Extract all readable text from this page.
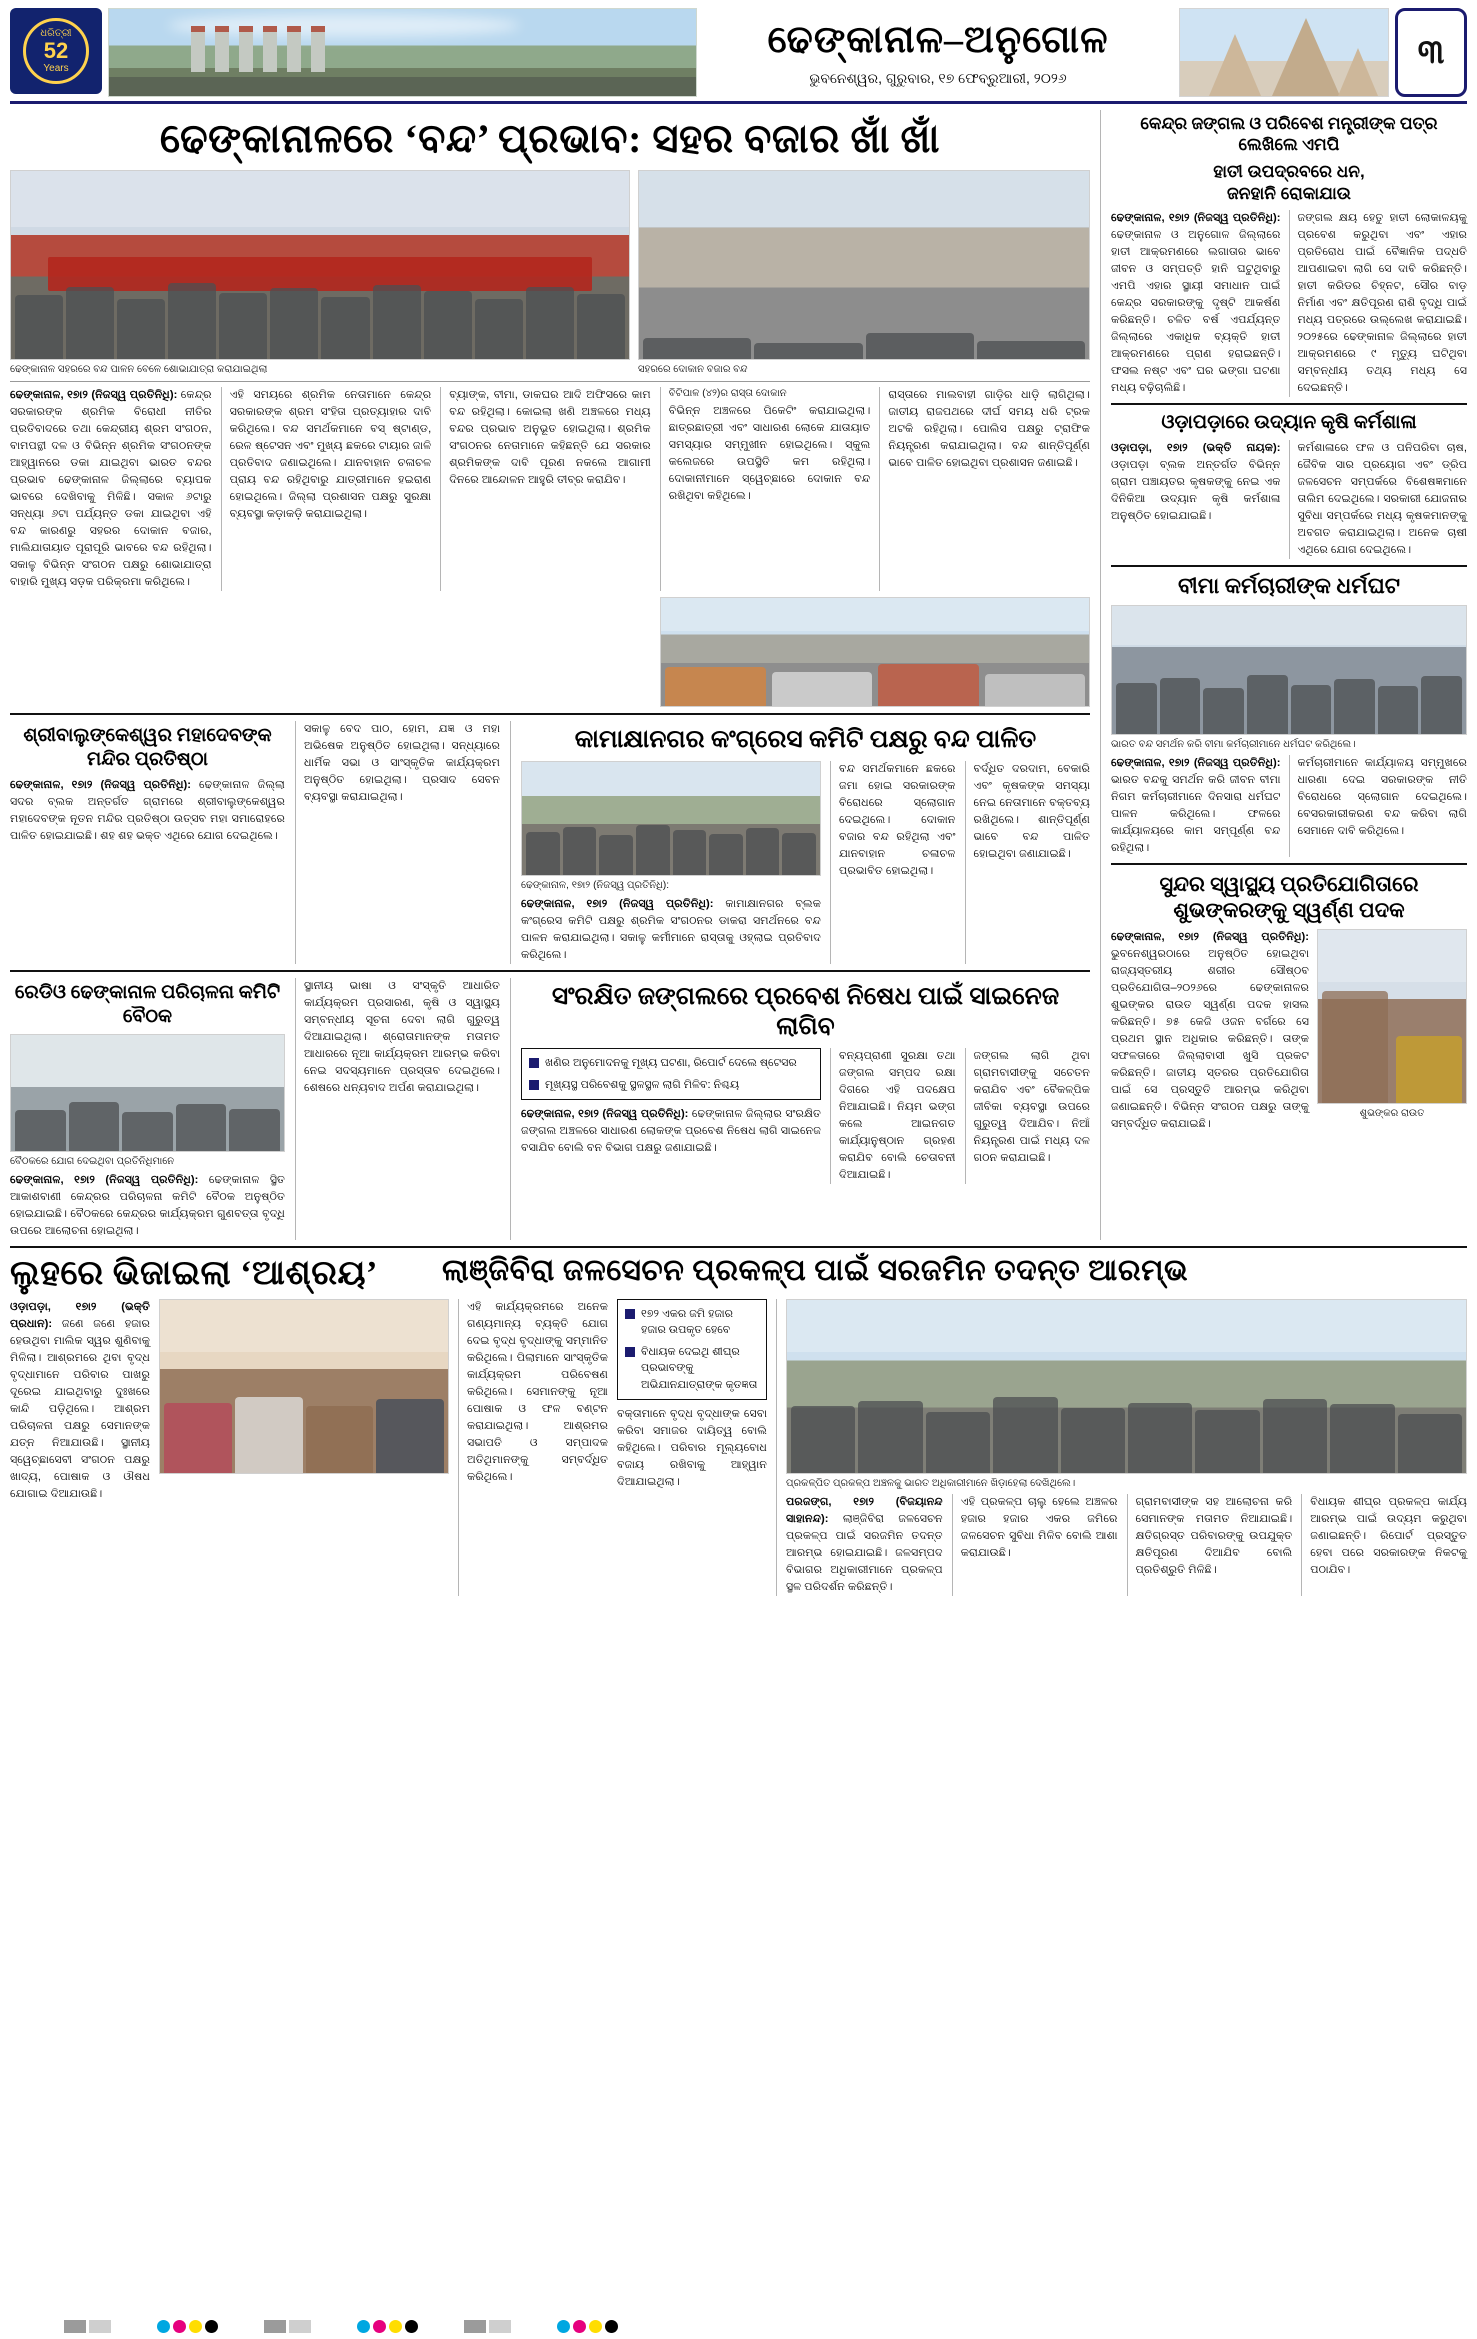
ଧରିତ୍ରୀ
52
Years
ଢେଙ୍କାନାଳ–ଅନୁଗୋଳ
ଭୁବନେଶ୍ୱର, ଗୁରୁବାର, ୧୭ ଫେବ୍ରୁଆରୀ, ୨୦୨୬
୩
ଢେଙ୍କାନାଳରେ ‘ବନ୍ଦ’ ପ୍ରଭାବ: ସହର ବଜାର ଖାଁ ଖାଁ
ଢେଙ୍କାନାଳ ସହରରେ ବନ୍ଦ ପାଳନ ବେଳେ ଶୋଭାଯାତ୍ରା କରାଯାଇଥିଲା	ସହରରେ ଦୋକାନ ବଜାର ବନ୍ଦ
ଢେଙ୍କାନାଳ, ୧୭ା୨ (ନିଜସ୍ୱ ପ୍ରତିନିଧି): କେନ୍ଦ୍ର ସରକାରଙ୍କ ଶ୍ରମିକ ବିରୋଧୀ ନୀତିର ପ୍ରତିବାଦରେ ତଥା କେନ୍ଦ୍ରୀୟ ଶ୍ରମ ସଂଗଠନ, ବାମପନ୍ଥୀ ଦଳ ଓ ବିଭିନ୍ନ ଶ୍ରମିକ ସଂଗଠନଙ୍କ ଆହ୍ୱାନରେ ଡକା ଯାଇଥିବା ଭାରତ ବନ୍ଦର ପ୍ରଭାବ ଢେଙ୍କାନାଳ ଜିଲ୍ଲାରେ ବ୍ୟାପକ ଭାବରେ ଦେଖିବାକୁ ମିଳିଛି। ସକାଳ ୬ଟାରୁ ସନ୍ଧ୍ୟା ୬ଟା ପର୍ଯ୍ୟନ୍ତ ଡକା ଯାଇଥିବା ଏହି ବନ୍ଦ କାରଣରୁ ସହରର ଦୋକାନ ବଜାର, ମାଲିଯାତାୟାତ ପୂରାପୂରି ଭାବରେ ବନ୍ଦ ରହିଥିଲା। ସକାଳୁ ବିଭିନ୍ନ ସଂଗଠନ ପକ୍ଷରୁ ଶୋଭାଯାତ୍ରା ବାହାରି ମୁଖ୍ୟ ସଡ଼କ ପରିକ୍ରମା କରିଥିଲେ।
ଏହି ସମୟରେ ଶ୍ରମିକ ନେତାମାନେ କେନ୍ଦ୍ର ସରକାରଙ୍କ ଶ୍ରମ ସଂହିତା ପ୍ରତ୍ୟାହାର ଦାବି କରିଥିଲେ। ବନ୍ଦ ସମର୍ଥକମାନେ ବସ୍ ଷ୍ଟାଣ୍ଡ, ରେଳ ଷ୍ଟେସନ ଏବଂ ମୁଖ୍ୟ ଛକରେ ଟାୟାର ଜାଳି ପ୍ରତିବାଦ ଜଣାଇଥିଲେ। ଯାନବାହାନ ଚଳାଚଳ ପ୍ରାୟ ବନ୍ଦ ରହିଥିବାରୁ ଯାତ୍ରୀମାନେ ହଇରାଣ ହୋଇଥିଲେ। ଜିଲ୍ଲା ପ୍ରଶାସନ ପକ୍ଷରୁ ସୁରକ୍ଷା ବ୍ୟବସ୍ଥା କଡ଼ାକଡ଼ି କରାଯାଇଥିଲା।
ବ୍ୟାଙ୍କ, ବୀମା, ଡାକଘର ଆଦି ଅଫିସରେ କାମ ବନ୍ଦ ରହିଥିଲା। କୋଇଲା ଖଣି ଅଞ୍ଚଳରେ ମଧ୍ୟ ବନ୍ଦର ପ୍ରଭାବ ଅନୁଭୂତ ହୋଇଥିଲା। ଶ୍ରମିକ ସଂଗଠନର ନେତାମାନେ କହିଛନ୍ତି ଯେ ସରକାର ଶ୍ରମିକଙ୍କ ଦାବି ପୂରଣ ନକଲେ ଆଗାମୀ ଦିନରେ ଆନ୍ଦୋଳନ ଆହୁରି ତୀବ୍ର କରାଯିବ।
ବିଟିପାଳ (୪୨)ର ରାସ୍ତା ଦୋକାନ
ବିଭିନ୍ନ ଅଞ୍ଚଳରେ ପିକେଟିଂ କରାଯାଇଥିଲା। ଛାତ୍ରଛାତ୍ରୀ ଏବଂ ସାଧାରଣ ଲୋକେ ଯାତାୟାତ ସମସ୍ୟାର ସମ୍ମୁଖୀନ ହୋଇଥିଲେ। ସ୍କୁଲ କଲେଜରେ ଉପସ୍ଥିତି କମ ରହିଥିଲା। ଦୋକାନୀମାନେ ସ୍ୱେଚ୍ଛାରେ ଦୋକାନ ବନ୍ଦ ରଖିଥିବା କହିଥିଲେ।
ରାସ୍ତାରେ ମାଲବାହୀ ଗାଡ଼ିର ଧାଡ଼ି ଲାଗିଥିଲା। ଜାତୀୟ ରାଜପଥରେ ଦୀର୍ଘ ସମୟ ଧରି ଟ୍ରକ ଅଟକି ରହିଥିଲା। ପୋଲିସ ପକ୍ଷରୁ ଟ୍ରାଫିକ ନିୟନ୍ତ୍ରଣ କରାଯାଇଥିଲା। ବନ୍ଦ ଶାନ୍ତିପୂର୍ଣ୍ଣ ଭାବେ ପାଳିତ ହୋଇଥିବା ପ୍ରଶାସନ ଜଣାଇଛି।
ଶ୍ରୀବାଲୁଙ୍କେଶ୍ୱର ମହାଦେବଙ୍କ ମନ୍ଦିର ପ୍ରତିଷ୍ଠା
ଢେଙ୍କାନାଳ, ୧୭ା୨ (ନିଜସ୍ୱ ପ୍ରତିନିଧି): ଢେଙ୍କାନାଳ ଜିଲ୍ଲା ସଦର ବ୍ଲକ ଅନ୍ତର୍ଗତ ଗ୍ରାମରେ ଶ୍ରୀବାଲୁଙ୍କେଶ୍ୱର ମହାଦେବଙ୍କ ନୂତନ ମନ୍ଦିର ପ୍ରତିଷ୍ଠା ଉତ୍ସବ ମହା ସମାରୋହରେ ପାଳିତ ହୋଇଯାଇଛି। ଶହ ଶହ ଭକ୍ତ ଏଥିରେ ଯୋଗ ଦେଇଥିଲେ।
ସକାଳୁ ବେଦ ପାଠ, ହୋମ, ଯଜ୍ଞ ଓ ମହା ଅଭିଷେକ ଅନୁଷ୍ଠିତ ହୋଇଥିଲା। ସନ୍ଧ୍ୟାରେ ଧାର୍ମିକ ସଭା ଓ ସାଂସ୍କୃତିକ କାର୍ଯ୍ୟକ୍ରମ ଅନୁଷ୍ଠିତ ହୋଇଥିଲା। ପ୍ରସାଦ ସେବନ ବ୍ୟବସ୍ଥା କରାଯାଇଥିଲା।
କାମାକ୍ଷାନଗର କଂଗ୍ରେସ କମିଟି ପକ୍ଷରୁ ବନ୍ଦ ପାଳିତ
ଢେଙ୍କାନାଳ, ୧୭ା୨ (ନିଜସ୍ୱ ପ୍ରତିନିଧି):
ଢେଙ୍କାନାଳ, ୧୭ା୨ (ନିଜସ୍ୱ ପ୍ରତିନିଧି): କାମାକ୍ଷାନଗର ବ୍ଲକ କଂଗ୍ରେସ କମିଟି ପକ୍ଷରୁ ଶ୍ରମିକ ସଂଗଠନର ଡାକରା ସମର୍ଥନରେ ବନ୍ଦ ପାଳନ କରାଯାଇଥିଲା। ସକାଳୁ କର୍ମୀମାନେ ରାସ୍ତାକୁ ଓହ୍ଲାଇ ପ୍ରତିବାଦ କରିଥିଲେ।
ବନ୍ଦ ସମର୍ଥକମାନେ ଛକରେ ଜମା ହୋଇ ସରକାରଙ୍କ ବିରୋଧରେ ସ୍ଲୋଗାନ ଦେଇଥିଲେ। ଦୋକାନ ବଜାର ବନ୍ଦ ରହିଥିଲା ଏବଂ ଯାନବାହାନ ଚଳାଚଳ ପ୍ରଭାବିତ ହୋଇଥିଲା।
ବର୍ଦ୍ଧିତ ଦରଦାମ, ବେକାରି ଏବଂ କୃଷକଙ୍କ ସମସ୍ୟା ନେଇ ନେତାମାନେ ବକ୍ତବ୍ୟ ରଖିଥିଲେ। ଶାନ୍ତିପୂର୍ଣ୍ଣ ଭାବେ ବନ୍ଦ ପାଳିତ ହୋଇଥିବା ଜଣାଯାଇଛି।
ରେଡିଓ ଢେଙ୍କାନାଳ ପରିଚାଳନା କମିଟି ବୈଠକ
ବୈଠକରେ ଯୋଗ ଦେଇଥିବା ପ୍ରତିନିଧିମାନେ
ଢେଙ୍କାନାଳ, ୧୭ା୨ (ନିଜସ୍ୱ ପ୍ରତିନିଧି): ଢେଙ୍କାନାଳ ସ୍ଥିତ ଆକାଶବାଣୀ କେନ୍ଦ୍ରର ପରିଚାଳନା କମିଟି ବୈଠକ ଅନୁଷ୍ଠିତ ହୋଇଯାଇଛି। ବୈଠକରେ କେନ୍ଦ୍ରର କାର୍ଯ୍ୟକ୍ରମ ଗୁଣବତ୍ତା ବୃଦ୍ଧି ଉପରେ ଆଲୋଚନା ହୋଇଥିଲା।
ସ୍ଥାନୀୟ ଭାଷା ଓ ସଂସ୍କୃତି ଆଧାରିତ କାର୍ଯ୍ୟକ୍ରମ ପ୍ରସାରଣ, କୃଷି ଓ ସ୍ୱାସ୍ଥ୍ୟ ସମ୍ବନ୍ଧୀୟ ସୂଚନା ଦେବା ଲାଗି ଗୁରୁତ୍ୱ ଦିଆଯାଇଥିଲା। ଶ୍ରୋତାମାନଙ୍କ ମତାମତ ଆଧାରରେ ନୂଆ କାର୍ଯ୍ୟକ୍ରମ ଆରମ୍ଭ କରିବା ନେଇ ସଦସ୍ୟମାନେ ପ୍ରସ୍ତାବ ଦେଇଥିଲେ। ଶେଷରେ ଧନ୍ୟବାଦ ଅର୍ପଣ କରାଯାଇଥିଲା।
ସଂରକ୍ଷିତ ଜଙ୍ଗଲରେ ପ୍ରବେଶ ନିଷେଧ ପାଇଁ ସାଇନେଜ ଲାଗିବ
ଖଣିର ଅନୁମୋଦନକୁ ମୂଖ୍ୟ ଘଟଣା, ରିପୋର୍ଟ ଦେଲେ ଷ୍ଟେସର
ମୂଖ୍ୟସ୍ଥ ପରିବେଶକୁ ସ୍ଥଳସ୍ଥଳ ଲାଗି ମିଳିବ: ନିଶ୍ଚୟ
ଢେଙ୍କାନାଳ, ୧୭ା୨ (ନିଜସ୍ୱ ପ୍ରତିନିଧି): ଢେଙ୍କାନାଳ ଜିଲ୍ଲାର ସଂରକ୍ଷିତ ଜଙ୍ଗଲ ଅଞ୍ଚଳରେ ସାଧାରଣ ଲୋକଙ୍କ ପ୍ରବେଶ ନିଷେଧ ଲାଗି ସାଇନେଜ ବସାଯିବ ବୋଲି ବନ ବିଭାଗ ପକ୍ଷରୁ ଜଣାଯାଇଛି।
ବନ୍ୟପ୍ରାଣୀ ସୁରକ୍ଷା ତଥା ଜଙ୍ଗଲ ସମ୍ପଦ ରକ୍ଷା ଦିଗରେ ଏହି ପଦକ୍ଷେପ ନିଆଯାଇଛି। ନିୟମ ଭଙ୍ଗ କଲେ ଆଇନଗତ କାର୍ଯ୍ୟାନୁଷ୍ଠାନ ଗ୍ରହଣ କରାଯିବ ବୋଲି ଚେତାବନୀ ଦିଆଯାଇଛି।
ଜଙ୍ଗଲ ଲାଗି ଥିବା ଗ୍ରାମବାସୀଙ୍କୁ ସଚେତନ କରାଯିବ ଏବଂ ବୈକଳ୍ପିକ ଜୀବିକା ବ୍ୟବସ୍ଥା ଉପରେ ଗୁରୁତ୍ୱ ଦିଆଯିବ। ନିଆଁ ନିୟନ୍ତ୍ରଣ ପାଇଁ ମଧ୍ୟ ଦଳ ଗଠନ କରାଯାଇଛି।
କେନ୍ଦ୍ର ଜଙ୍ଗଲ ଓ ପରିବେଶ ମନ୍ତ୍ରୀଙ୍କ ପତ୍ର ଲେଖିଲେ ଏମପି
ହାତୀ ଉପଦ୍ରବରେ ଧନ,
ଜନହାନି ରୋକାଯାଉ
ଢେଙ୍କାନାଳ, ୧୭ା୨ (ନିଜସ୍ୱ ପ୍ରତିନିଧି): ଢେଙ୍କାନାଳ ଓ ଅନୁଗୋଳ ଜିଲ୍ଲାରେ ହାତୀ ଆକ୍ରମଣରେ ଲଗାତାର ଭାବେ ଜୀବନ ଓ ସମ୍ପତ୍ତି ହାନି ଘଟୁଥିବାରୁ ଏମପି ଏହାର ସ୍ଥାୟୀ ସମାଧାନ ପାଇଁ କେନ୍ଦ୍ର ସରକାରଙ୍କୁ ଦୃଷ୍ଟି ଆକର୍ଷଣ କରିଛନ୍ତି। ଚଳିତ ବର୍ଷ ଏପର୍ଯ୍ୟନ୍ତ ଜିଲ୍ଲାରେ ଏକାଧିକ ବ୍ୟକ୍ତି ହାତୀ ଆକ୍ରମଣରେ ପ୍ରାଣ ହରାଇଛନ୍ତି। ଫସଲ ନଷ୍ଟ ଏବଂ ଘର ଭଙ୍ଗା ଘଟଣା ମଧ୍ୟ ବଢ଼ିଚାଲିଛି।
ଜଙ୍ଗଲ କ୍ଷୟ ହେତୁ ହାତୀ ଲୋକାଳୟକୁ ପ୍ରବେଶ କରୁଥିବା ଏବଂ ଏହାର ପ୍ରତିରୋଧ ପାଇଁ ବୈଜ୍ଞାନିକ ପଦ୍ଧତି ଆପଣାଇବା ଲାଗି ସେ ଦାବି କରିଛନ୍ତି। ହାତୀ କରିଡର ଚିହ୍ନଟ, ସୌର ବାଡ଼ ନିର୍ମାଣ ଏବଂ କ୍ଷତିପୂରଣ ରାଶି ବୃଦ୍ଧି ପାଇଁ ମଧ୍ୟ ପତ୍ରରେ ଉଲ୍ଲେଖ କରାଯାଇଛି। ୨୦୨୫ରେ ଢେଙ୍କାନାଳ ଜିଲ୍ଲାରେ ହାତୀ ଆକ୍ରମଣରେ ୯ ମୃତ୍ୟୁ ଘଟିଥିବା ସମ୍ବନ୍ଧୀୟ ତଥ୍ୟ ମଧ୍ୟ ସେ ଦେଇଛନ୍ତି।
ଓଡ଼ାପଡ଼ାରେ ଉଦ୍ୟାନ କୃଷି କର୍ମଶାଳା
ଓଡ଼ାପଡ଼ା, ୧୭ା୨ (ଭକ୍ତି ନାୟକ): ଓଡ଼ାପଡ଼ା ବ୍ଲକ ଅନ୍ତର୍ଗତ ବିଭିନ୍ନ ଗ୍ରାମ ପଞ୍ଚାୟତର କୃଷକଙ୍କୁ ନେଇ ଏକ ଦିନିକିଆ ଉଦ୍ୟାନ କୃଷି କର୍ମଶାଳା ଅନୁଷ୍ଠିତ ହୋଇଯାଇଛି।
କର୍ମଶାଳାରେ ଫଳ ଓ ପନିପରିବା ଚାଷ, ଜୈବିକ ସାର ପ୍ରୟୋଗ ଏବଂ ଡ୍ରିପ ଜଳସେଚନ ସମ୍ପର୍କରେ ବିଶେଷଜ୍ଞମାନେ ତାଲିମ ଦେଇଥିଲେ। ସରକାରୀ ଯୋଜନାର ସୁବିଧା ସମ୍ପର୍କରେ ମଧ୍ୟ କୃଷକମାନଙ୍କୁ ଅବଗତ କରାଯାଇଥିଲା। ଅନେକ ଚାଷୀ ଏଥିରେ ଯୋଗ ଦେଇଥିଲେ।
ବୀମା କର୍ମଚାରୀଙ୍କ ଧର୍ମଘଟ
ଭାରତ ବନ୍ଦ ସମର୍ଥନ କରି ବୀମା କର୍ମଚାରୀମାନେ ଧର୍ମଘଟ କରିଥିଲେ।
ଢେଙ୍କାନାଳ, ୧୭ା୨ (ନିଜସ୍ୱ ପ୍ରତିନିଧି): ଭାରତ ବନ୍ଦକୁ ସମର୍ଥନ କରି ଜୀବନ ବୀମା ନିଗମ କର୍ମଚାରୀମାନେ ଦିନସାରା ଧର୍ମଘଟ ପାଳନ କରିଥିଲେ। ଫଳରେ କାର୍ଯ୍ୟାଳୟରେ କାମ ସମ୍ପୂର୍ଣ୍ଣ ବନ୍ଦ ରହିଥିଲା।
କର୍ମଚାରୀମାନେ କାର୍ଯ୍ୟାଳୟ ସମ୍ମୁଖରେ ଧାରଣା ଦେଇ ସରକାରଙ୍କ ନୀତି ବିରୋଧରେ ସ୍ଲୋଗାନ ଦେଇଥିଲେ। ବେସରକାରୀକରଣ ବନ୍ଦ କରିବା ଲାଗି ସେମାନେ ଦାବି କରିଥିଲେ।
ସୁନ୍ଦର ସ୍ୱାସ୍ଥ୍ୟ ପ୍ରତିଯୋଗିତାରେ
ଶୁଭଙ୍କରଙ୍କୁ ସ୍ୱର୍ଣ୍ଣ ପଦକ
ଢେଙ୍କାନାଳ, ୧୭ା୨ (ନିଜସ୍ୱ ପ୍ରତିନିଧି): ଭୁବନେଶ୍ୱରଠାରେ ଅନୁଷ୍ଠିତ ହୋଇଥିବା ରାଜ୍ୟସ୍ତରୀୟ ଶରୀର ସୌଷ୍ଠବ ପ୍ରତିଯୋଗିତା–୨୦୨୬ରେ ଢେଙ୍କାନାଳର ଶୁଭଙ୍କର ରାଉତ ସ୍ୱର୍ଣ୍ଣ ପଦକ ହାସଲ କରିଛନ୍ତି। ୭୫ କେଜି ଓଜନ ବର୍ଗରେ ସେ ପ୍ରଥମ ସ୍ଥାନ ଅଧିକାର କରିଛନ୍ତି। ତାଙ୍କ ସଫଳତାରେ ଜିଲ୍ଲାବାସୀ ଖୁସି ପ୍ରକଟ କରିଛନ୍ତି। ଜାତୀୟ ସ୍ତରର ପ୍ରତିଯୋଗିତା ପାଇଁ ସେ ପ୍ରସ୍ତୁତି ଆରମ୍ଭ କରିଥିବା ଜଣାଇଛନ୍ତି। ବିଭିନ୍ନ ସଂଗଠନ ପକ୍ଷରୁ ତାଙ୍କୁ ସମ୍ବର୍ଦ୍ଧିତ କରାଯାଇଛି।
ଶୁଭଙ୍କର ରାଉତ
ଲୁହରେ ଭିଜାଇଲା ‘ଆଶ୍ରୟ’	ଲାଞ୍ଜିବିରା ଜଳସେଚନ ପ୍ରକଳ୍ପ ପାଇଁ ସରଜମିନ ତଦନ୍ତ ଆରମ୍ଭ
ଓଡ଼ାପଡ଼ା, ୧୭ା୨ (ଭକ୍ତି ପ୍ରଧାନ): ଜଣେ ଜଣେ ହଜାର ହେଉଥିବା ମାଲିକ ସ୍ୱର ଶୁଣିବାକୁ ମିଳିଲା। ଆଶ୍ରମରେ ଥିବା ବୃଦ୍ଧ ବୃଦ୍ଧାମାନେ ପରିବାର ପାଖରୁ ଦୂରେଇ ଯାଇଥିବାରୁ ଦୁଃଖରେ କାନ୍ଦି ପଡ଼ିଥିଲେ। ଆଶ୍ରମ ପରିଚାଳନା ପକ୍ଷରୁ ସେମାନଙ୍କ ଯତ୍ନ ନିଆଯାଉଛି। ସ୍ଥାନୀୟ ସ୍ୱେଚ୍ଛାସେବୀ ସଂଗଠନ ପକ୍ଷରୁ ଖାଦ୍ୟ, ପୋଷାକ ଓ ଔଷଧ ଯୋଗାଇ ଦିଆଯାଉଛି।
ଏହି କାର୍ଯ୍ୟକ୍ରମରେ ଅନେକ ଗଣ୍ୟମାନ୍ୟ ବ୍ୟକ୍ତି ଯୋଗ ଦେଇ ବୃଦ୍ଧ ବୃଦ୍ଧାଙ୍କୁ ସମ୍ମାନିତ କରିଥିଲେ। ପିଲାମାନେ ସାଂସ୍କୃତିକ କାର୍ଯ୍ୟକ୍ରମ ପରିବେଷଣ କରିଥିଲେ। ସେମାନଙ୍କୁ ନୂଆ ପୋଷାକ ଓ ଫଳ ବଣ୍ଟନ କରାଯାଇଥିଲା। ଆଶ୍ରମର ସଭାପତି ଓ ସମ୍ପାଦକ ଅତିଥିମାନଙ୍କୁ ସମ୍ବର୍ଦ୍ଧିତ କରିଥିଲେ।
୧୭୨ ଏକର ଜମି ହଜାର ହଜାର ଉପକୃତ ହେବେ
ବିଧାୟକ ଦେଇଥି ଶୀଘ୍ର ପ୍ରଭାବଙ୍କୁ ଅଭିଯାନଯାତ୍ରାଙ୍କ କୃତଜ୍ଞତା
ବକ୍ତାମାନେ ବୃଦ୍ଧ ବୃଦ୍ଧାଙ୍କ ସେବା କରିବା ସମାଜର ଦାୟିତ୍ୱ ବୋଲି କହିଥିଲେ। ପରିବାର ମୂଲ୍ୟବୋଧ ବଜାୟ ରଖିବାକୁ ଆହ୍ୱାନ ଦିଆଯାଇଥିଲା।	ପ୍ରକଳ୍ପିତ ପ୍ରକଳ୍ପ ଅଞ୍ଚଳକୁ ଭାରତ ଅଧିକାରୀମାନେ ଖିଡ଼ାହେଲା ଦେଖିଥିଲେ।
ପରଜଙ୍ଗ, ୧୭ା୨ (ବିଜୟାନନ୍ଦ ସାହାନନ୍ଦ): ଲାଞ୍ଜିବିରା ଜଳସେଚନ ପ୍ରକଳ୍ପ ପାଇଁ ସରଜମିନ ତଦନ୍ତ ଆରମ୍ଭ ହୋଇଯାଇଛି। ଜଳସମ୍ପଦ ବିଭାଗର ଅଧିକାରୀମାନେ ପ୍ରକଳ୍ପ ସ୍ଥଳ ପରିଦର୍ଶନ କରିଛନ୍ତି।
ଏହି ପ୍ରକଳ୍ପ ଚାଲୁ ହେଲେ ଅଞ୍ଚଳର ହଜାର ହଜାର ଏକର ଜମିରେ ଜଳସେଚନ ସୁବିଧା ମିଳିବ ବୋଲି ଆଶା କରାଯାଉଛି।
ଗ୍ରାମବାସୀଙ୍କ ସହ ଆଲୋଚନା କରି ସେମାନଙ୍କ ମତାମତ ନିଆଯାଇଛି। କ୍ଷତିଗ୍ରସ୍ତ ପରିବାରଙ୍କୁ ଉପଯୁକ୍ତ କ୍ଷତିପୂରଣ ଦିଆଯିବ ବୋଲି ପ୍ରତିଶ୍ରୁତି ମିଳିଛି।
ବିଧାୟକ ଶୀଘ୍ର ପ୍ରକଳ୍ପ କାର୍ଯ୍ୟ ଆରମ୍ଭ ପାଇଁ ଉଦ୍ୟମ କରୁଥିବା ଜଣାଇଛନ୍ତି। ରିପୋର୍ଟ ପ୍ରସ୍ତୁତ ହେବା ପରେ ସରକାରଙ୍କ ନିକଟକୁ ପଠାଯିବ।
